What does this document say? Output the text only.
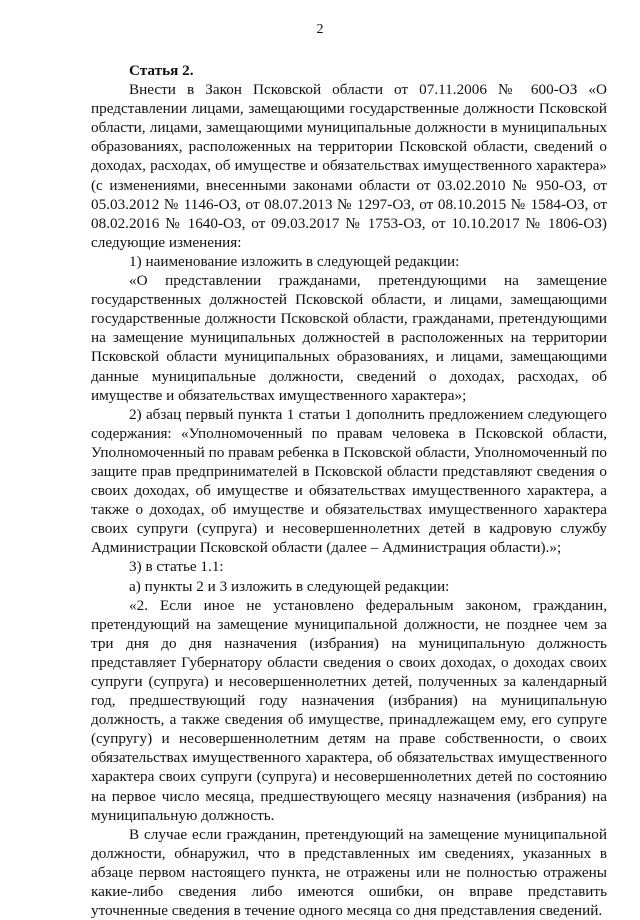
2

Статья 2.

Внести в Закон Псковской области от 07.11.2006 № 600-ОЗ «О представлении лицами, замещающими государственные должности Псковской области, лицами, замещающими муниципальные должности в муниципальных образованиях, расположенных на территории Псковской области, сведений о доходах, расходах, об имуществе и обязательствах имущественного характера» (с изменениями, внесенными законами области от 03.02.2010 № 950-ОЗ, от 05.03.2012 № 1146-ОЗ, от 08.07.2013 № 1297-ОЗ, от 08.10.2015 № 1584-ОЗ, от 08.02.2016 № 1640-ОЗ, от 09.03.2017 № 1753-ОЗ, от 10.10.2017 № 1806-ОЗ) следующие изменения:

1) наименование изложить в следующей редакции:

«О представлении гражданами, претендующими на замещение государственных должностей Псковской области, и лицами, замещающими государственные должности Псковской области, гражданами, претендующими на замещение муниципальных должностей в расположенных на территории Псковской области муниципальных образованиях, и лицами, замещающими данные муниципальные должности, сведений о доходах, расходах, об имуществе и обязательствах имущественного характера»;

2) абзац первый пункта 1 статьи 1 дополнить предложением следующего содержания: «Уполномоченный по правам человека в Псковской области, Уполномоченный по правам ребенка в Псковской области, Уполномоченный по защите прав предпринимателей в Псковской области представляют сведения о своих доходах, об имуществе и обязательствах имущественного характера, а также о доходах, об имуществе и обязательствах имущественного характера своих супруги (супруга) и несовершеннолетних детей в кадровую службу Администрации Псковской области (далее – Администрация области).»;

3) в статье 1.1:

а) пункты 2 и 3 изложить в следующей редакции:

«2. Если иное не установлено федеральным законом, гражданин, претендующий на замещение муниципальной должности, не позднее чем за три дня до дня назначения (избрания) на муниципальную должность представляет Губернатору области сведения о своих доходах, о доходах своих супруги (супруга) и несовершеннолетних детей, полученных за календарный год, предшествующий году назначения (избрания) на муниципальную должность, а также сведения об имуществе, принадлежащем ему, его супруге (супругу) и несовершеннолетним детям на праве собственности, о своих обязательствах имущественного характера, об обязательствах имущественного характера своих супруги (супруга) и несовершеннолетних детей по состоянию на первое число месяца, предшествующего месяцу назначения (избрания) на муниципальную должность.

В случае если гражданин, претендующий на замещение муниципальной должности, обнаружил, что в представленных им сведениях, указанных в абзаце первом настоящего пункта, не отражены или не полностью отражены какие-либо сведения либо имеются ошибки, он вправе представить уточненные сведения в течение одного месяца со дня представления сведений.
